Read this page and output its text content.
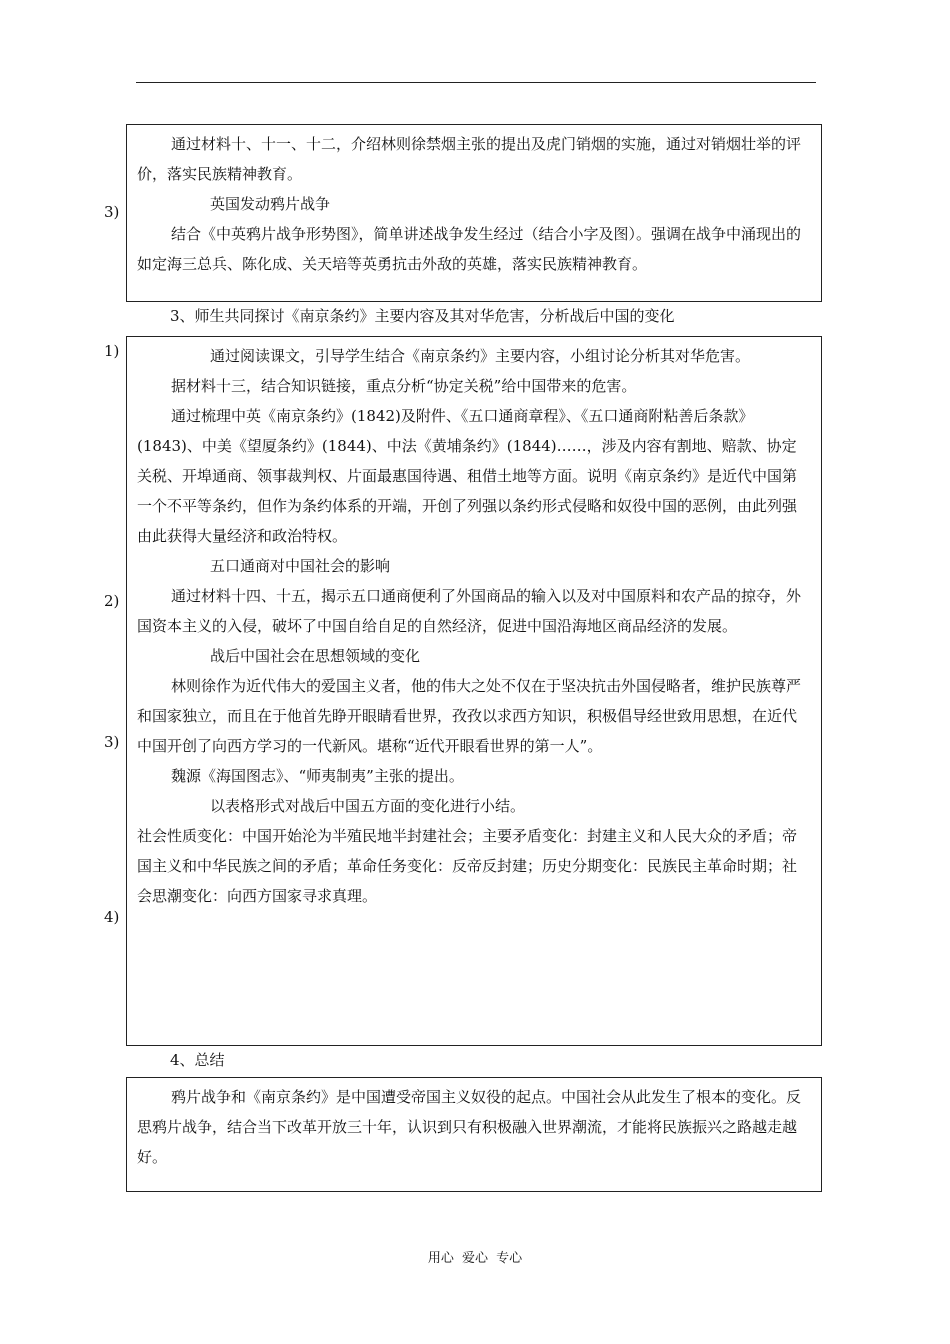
通过材料十、十一、十二，介绍林则徐禁烟主张的提出及虎门销烟的实施，通过对销烟壮举的评价，落实民族精神教育。

英国发动鸦片战争

结合《中英鸦片战争形势图》，简单讲述战争发生经过（结合小字及图）。强调在战争中涌现出的如定海三总兵、陈化成、关天培等英勇抗击外敌的英雄，落实民族精神教育。

3)
3、师生共同探讨《南京条约》主要内容及其对华危害，分析战后中国的变化

通过阅读课文，引导学生结合《南京条约》主要内容，小组讨论分析其对华危害。

据材料十三，结合知识链接，重点分析“协定关税”给中国带来的危害。

通过梳理中英《南京条约》(1842)及附件、《五口通商章程》、《五口通商附粘善后条款》(1843)、中美《望厦条约》(1844)、中法《黄埔条约》(1844)……，涉及内容有割地、赔款、协定关税、开埠通商、领事裁判权、片面最惠国待遇、租借土地等方面。说明《南京条约》是近代中国第一个不平等条约，但作为条约体系的开端，开创了列强以条约形式侵略和奴役中国的恶例，由此列强由此获得大量经济和政治特权。

五口通商对中国社会的影响

通过材料十四、十五，揭示五口通商便利了外国商品的输入以及对中国原料和农产品的掠夺，外国资本主义的入侵，破坏了中国自给自足的自然经济，促进中国沿海地区商品经济的发展。

战后中国社会在思想领域的变化

林则徐作为近代伟大的爱国主义者，他的伟大之处不仅在于坚决抗击外国侵略者，维护民族尊严和国家独立，而且在于他首先睁开眼睛看世界，孜孜以求西方知识，积极倡导经世致用思想，在近代中国开创了向西方学习的一代新风。堪称“近代开眼看世界的第一人”。

魏源《海国图志》、“师夷制夷”主张的提出。

以表格形式对战后中国五方面的变化进行小结。

社会性质变化：中国开始沦为半殖民地半封建社会；主要矛盾变化：封建主义和人民大众的矛盾；帝国主义和中华民族之间的矛盾；革命任务变化：反帝反封建；历史分期变化：民族民主革命时期；社会思潮变化：向西方国家寻求真理。

1)
2)
3)
4)
4、总结

鸦片战争和《南京条约》是中国遭受帝国主义奴役的起点。中国社会从此发生了根本的变化。反思鸦片战争，结合当下改革开放三十年，认识到只有积极融入世界潮流，才能将民族振兴之路越走越好。

用心 爱心 专心
